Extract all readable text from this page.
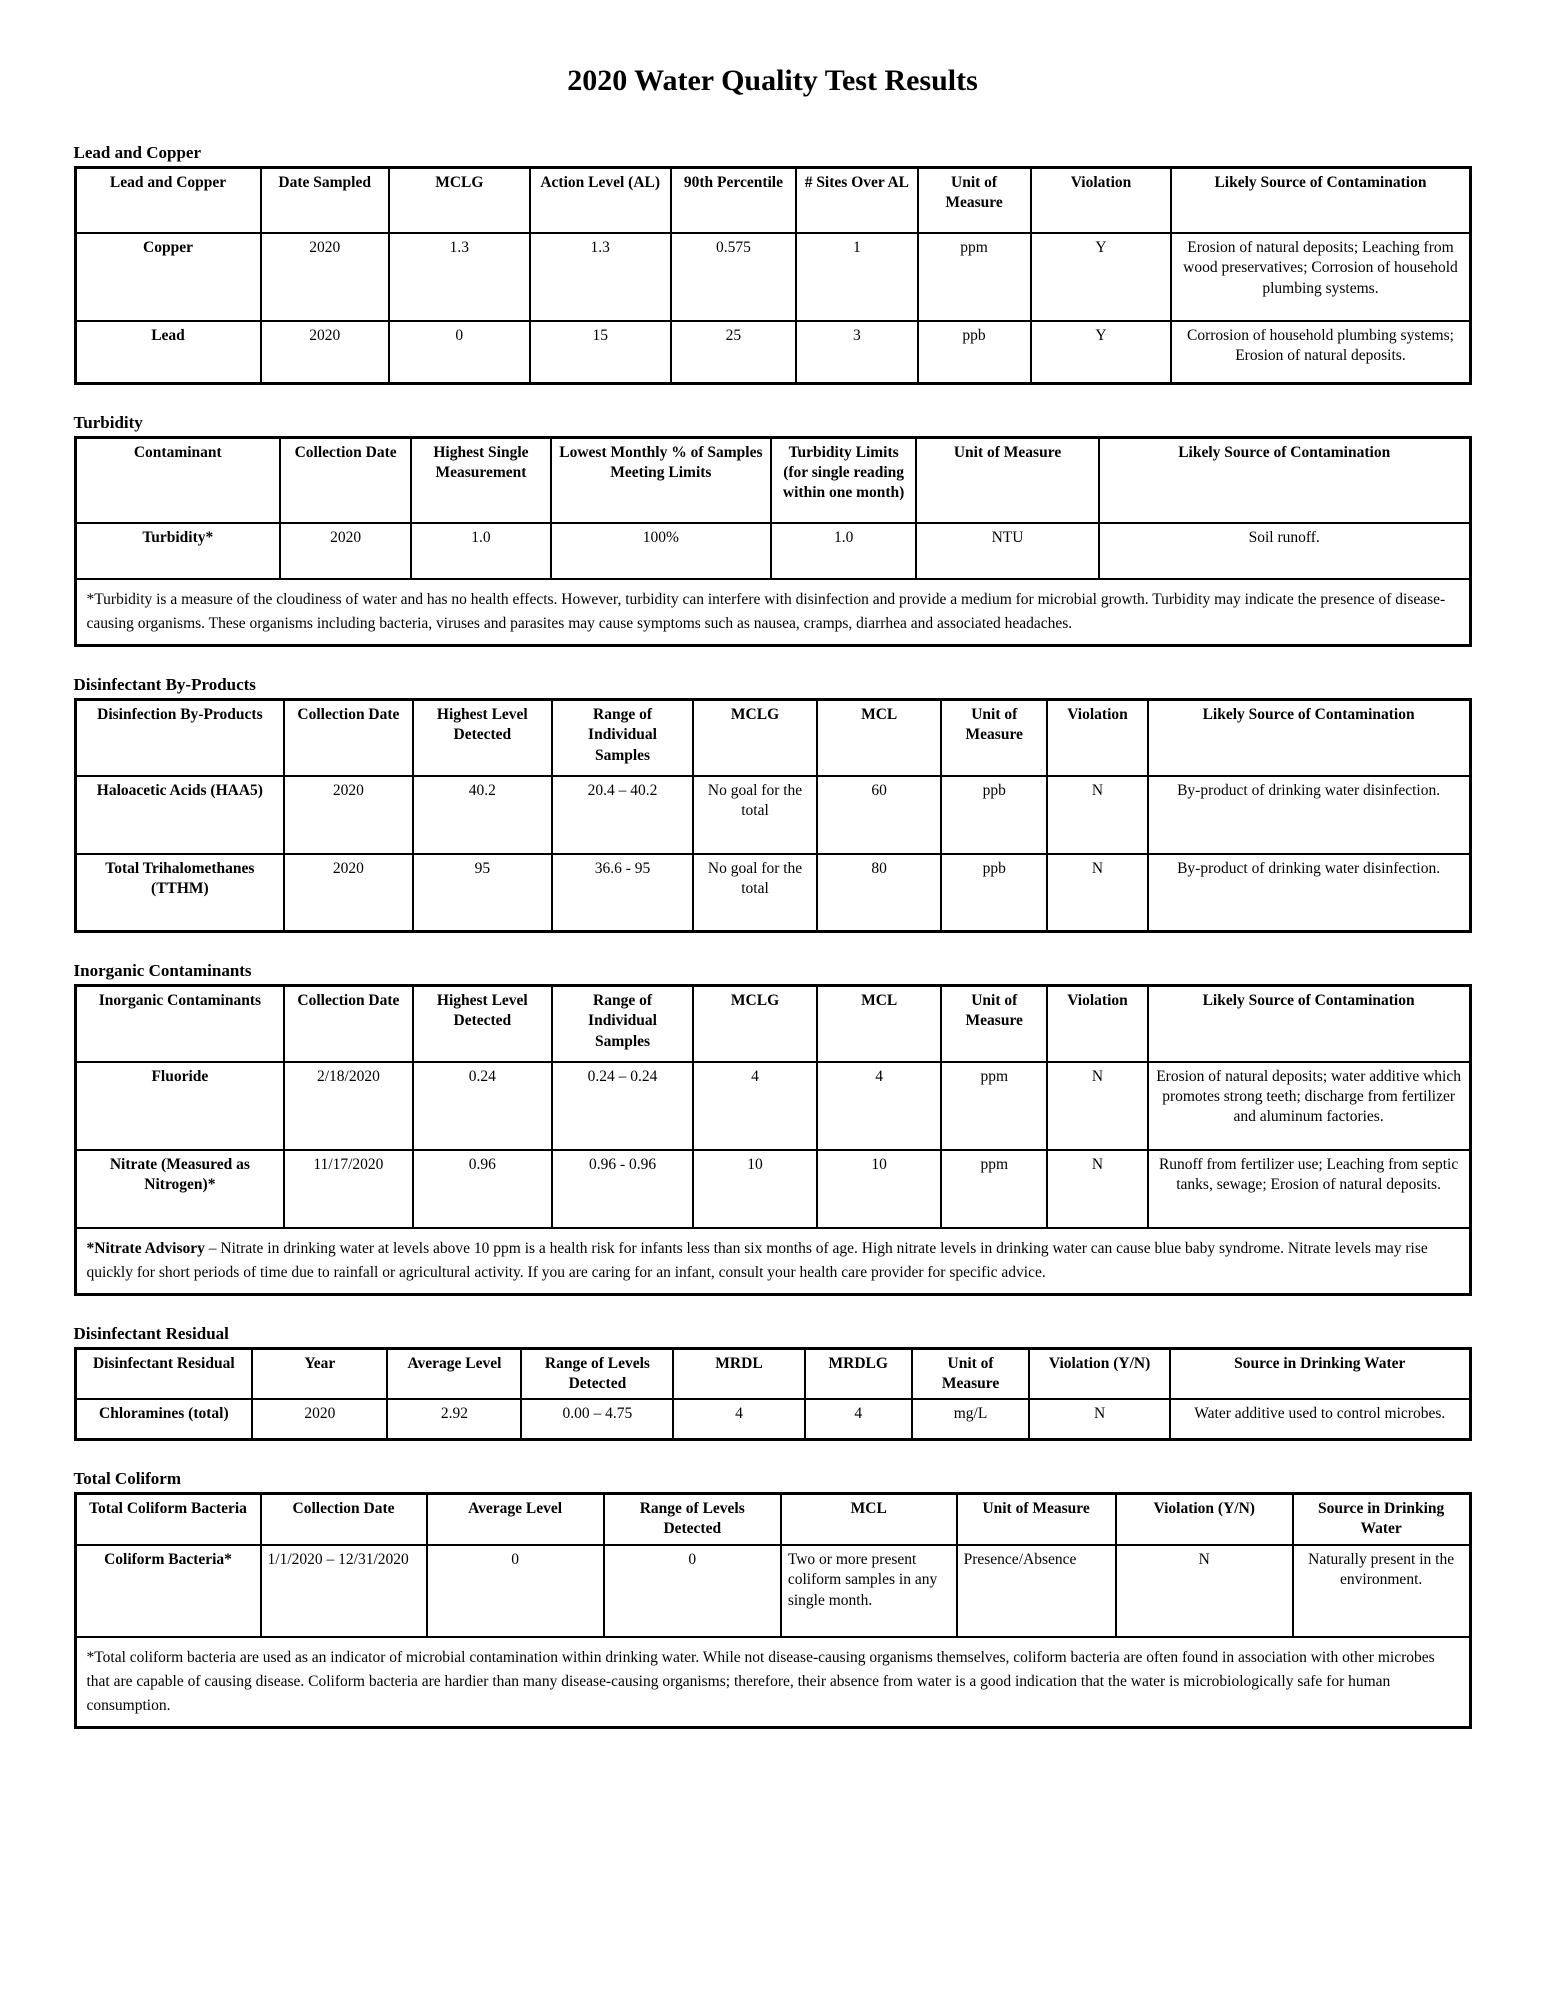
2020 Water Quality Test Results
Lead and Copper
Lead and Copper	Date Sampled	MCLG	Action Level (AL)	90th Percentile	# Sites Over AL	Unit of Measure	Violation	Likely Source of Contamination
Copper	2020	1.3	1.3	0.575	1	ppm	Y	Erosion of natural deposits; Leaching from wood preservatives; Corrosion of household plumbing systems.
Lead	2020	0	15	25	3	ppb	Y	Corrosion of household plumbing systems; Erosion of natural deposits.
Turbidity
Contaminant	Collection Date	Highest Single Measurement	Lowest Monthly % of Samples Meeting Limits	Turbidity Limits (for single reading within one month)	Unit of Measure	Likely Source of Contamination
Turbidity*	2020	1.0	100%	1.0	NTU	Soil runoff.
*Turbidity is a measure of the cloudiness of water and has no health effects. However, turbidity can interfere with disinfection and provide a medium for microbial growth. Turbidity may indicate the presence of disease-causing organisms. These organisms including bacteria, viruses and parasites may cause symptoms such as nausea, cramps, diarrhea and associated headaches.						
Disinfectant By-Products
Disinfection By-Products	Collection Date	Highest Level Detected	Range of Individual Samples	MCLG	MCL	Unit of Measure	Violation	Likely Source of Contamination
Haloacetic Acids (HAA5)	2020	40.2	20.4 – 40.2	No goal for the total	60	ppb	N	By-product of drinking water disinfection.
Total Trihalomethanes (TTHM)	2020	95	36.6 - 95	No goal for the total	80	ppb	N	By-product of drinking water disinfection.
Inorganic Contaminants
Inorganic Contaminants	Collection Date	Highest Level Detected	Range of Individual Samples	MCLG	MCL	Unit of Measure	Violation	Likely Source of Contamination
Fluoride	2/18/2020	0.24	0.24 – 0.24	4	4	ppm	N	Erosion of natural deposits; water additive which promotes strong teeth; discharge from fertilizer and aluminum factories.
Nitrate (Measured as Nitrogen)*	11/17/2020	0.96	0.96 - 0.96	10	10	ppm	N	Runoff from fertilizer use; Leaching from septic tanks, sewage; Erosion of natural deposits.
*Nitrate Advisory – Nitrate in drinking water at levels above 10 ppm is a health risk for infants less than six months of age. High nitrate levels in drinking water can cause blue baby syndrome. Nitrate levels may rise quickly for short periods of time due to rainfall or agricultural activity. If you are caring for an infant, consult your health care provider for specific advice.								
Disinfectant Residual
Disinfectant Residual	Year	Average Level	Range of Levels Detected	MRDL	MRDLG	Unit of Measure	Violation (Y/N)	Source in Drinking Water
Chloramines (total)	2020	2.92	0.00 – 4.75	4	4	mg/L	N	Water additive used to control microbes.
Total Coliform
Total Coliform Bacteria	Collection Date	Average Level	Range of Levels Detected	MCL	Unit of Measure	Violation (Y/N)	Source in Drinking Water
Coliform Bacteria*	1/1/2020 – 12/31/2020	0	0	Two or more present coliform samples in any single month.	Presence/Absence	N	Naturally present in the environment.
*Total coliform bacteria are used as an indicator of microbial contamination within drinking water. While not disease-causing organisms themselves, coliform bacteria are often found in association with other microbes that are capable of causing disease. Coliform bacteria are hardier than many disease-causing organisms; therefore, their absence from water is a good indication that the water is microbiologically safe for human consumption.							
